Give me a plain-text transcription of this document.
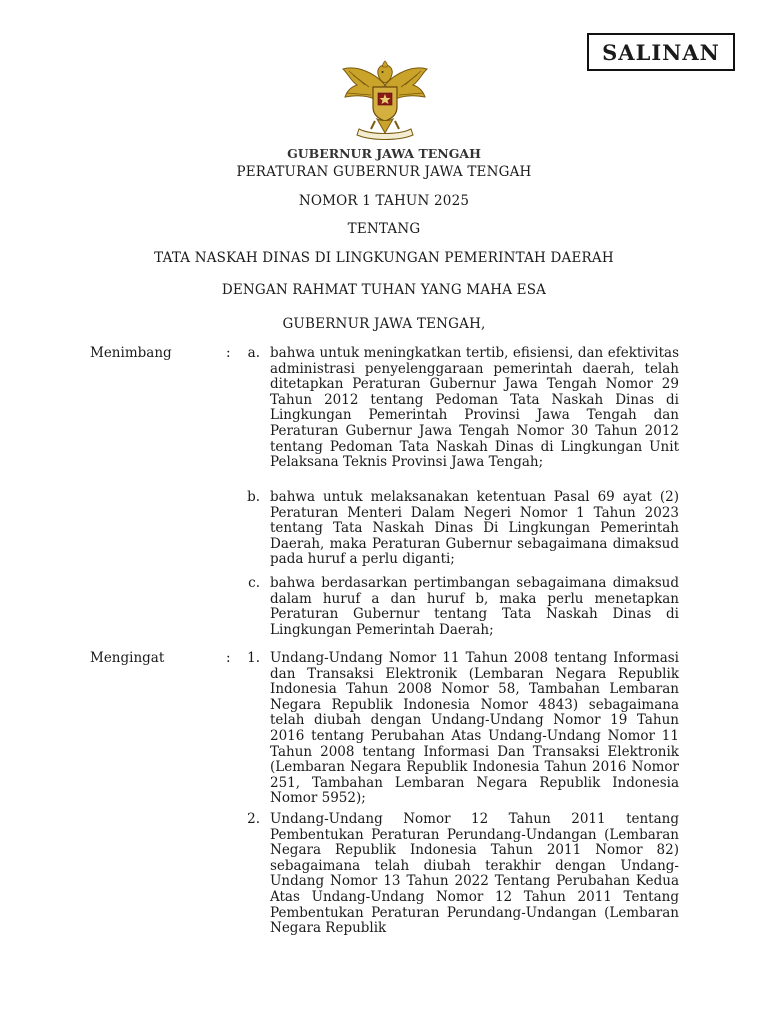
SALINAN
GUBERNUR JAWA TENGAH
PERATURAN GUBERNUR JAWA TENGAH
NOMOR 1 TAHUN 2025
TENTANG
TATA NASKAH DINAS DI LINGKUNGAN PEMERINTAH DAERAH
DENGAN RAHMAT TUHAN YANG MAHA ESA
GUBERNUR JAWA TENGAH,
Menimbang	:	a. bahwa untuk meningkatkan tertib, efisiensi, dan efektivitas administrasi penyelenggaraan pemerintah daerah, telah ditetapkan Peraturan Gubernur Jawa Tengah Nomor 29 Tahun 2012 tentang Pedoman Tata Naskah Dinas di Lingkungan Pemerintah Provinsi Jawa Tengah dan Peraturan Gubernur Jawa Tengah Nomor 30 Tahun 2012 tentang Pedoman Tata Naskah Dinas di Lingkungan Unit Pelaksana Teknis Provinsi Jawa Tengah;
b. bahwa untuk melaksanakan ketentuan Pasal 69 ayat (2) Peraturan Menteri Dalam Negeri Nomor 1 Tahun 2023 tentang Tata Naskah Dinas Di Lingkungan Pemerintah Daerah, maka Peraturan Gubernur sebagaimana dimaksud pada huruf a perlu diganti;
c. bahwa berdasarkan pertimbangan sebagaimana dimaksud dalam huruf a dan huruf b, maka perlu menetapkan Peraturan Gubernur tentang Tata Naskah Dinas di Lingkungan Pemerintah Daerah;
Mengingat	:	1. Undang-Undang Nomor 11 Tahun 2008 tentang Informasi dan Transaksi Elektronik (Lembaran Negara Republik Indonesia Tahun 2008 Nomor 58, Tambahan Lembaran Negara Republik Indonesia Nomor 4843) sebagaimana telah diubah dengan Undang-Undang Nomor 19 Tahun 2016 tentang Perubahan Atas Undang-Undang Nomor 11 Tahun 2008 tentang Informasi Dan Transaksi Elektronik (Lembaran Negara Republik Indonesia Tahun 2016 Nomor 251, Tambahan Lembaran Negara Republik Indonesia Nomor 5952);
2. Undang-Undang Nomor 12 Tahun 2011 tentang Pembentukan Peraturan Perundang-Undangan (Lembaran Negara Republik Indonesia Tahun 2011 Nomor 82) sebagaimana telah diubah terakhir dengan Undang-Undang Nomor 13 Tahun 2022 Tentang Perubahan Kedua Atas Undang-Undang Nomor 12 Tahun 2011 Tentang Pembentukan Peraturan Perundang-Undangan (Lembaran Negara Republik
